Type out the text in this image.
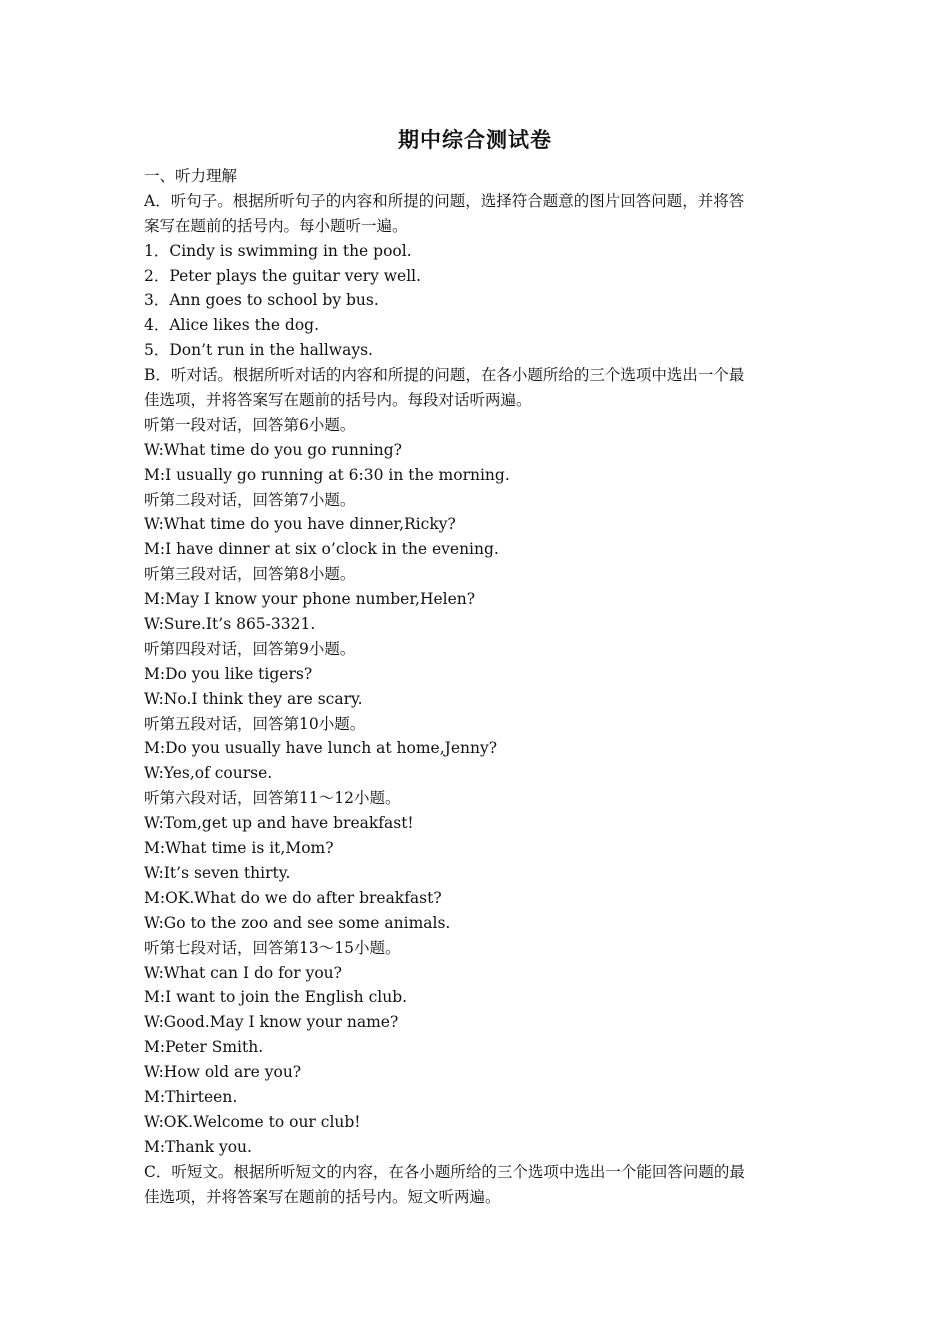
期中综合测试卷
一、听力理解
A．听句子。根据所听句子的内容和所提的问题，选择符合题意的图片回答问题，并将答
案写在题前的括号内。每小题听一遍。
1．Cindy is swimming in the pool.
2．Peter plays the guitar very well.
3．Ann goes to school by bus.
4．Alice likes the dog.
5．Don’t run in the hallways.
B．听对话。根据所听对话的内容和所提的问题，在各小题所给的三个选项中选出一个最
佳选项，并将答案写在题前的括号内。每段对话听两遍。
听第一段对话，回答第6小题。
W:What time do you go running?
M:I usually go running at 6:30 in the morning.
听第二段对话，回答第7小题。
W:What time do you have dinner,Ricky?
M:I have dinner at six o’clock in the evening.
听第三段对话，回答第8小题。
M:May I know your phone number,Helen?
W:Sure.It’s 865-3321.
听第四段对话，回答第9小题。
M:Do you like tigers?
W:No.I think they are scary.
听第五段对话，回答第10小题。
M:Do you usually have lunch at home,Jenny?
W:Yes,of course.
听第六段对话，回答第11～12小题。
W:Tom,get up and have breakfast!
M:What time is it,Mom?
W:It’s seven thirty.
M:OK.What do we do after breakfast?
W:Go to the zoo and see some animals.
听第七段对话，回答第13～15小题。
W:What can I do for you?
M:I want to join the English club.
W:Good.May I know your name?
M:Peter Smith.
W:How old are you?
M:Thirteen.
W:OK.Welcome to our club!
M:Thank you.
C．听短文。根据所听短文的内容，在各小题所给的三个选项中选出一个能回答问题的最
佳选项，并将答案写在题前的括号内。短文听两遍。
